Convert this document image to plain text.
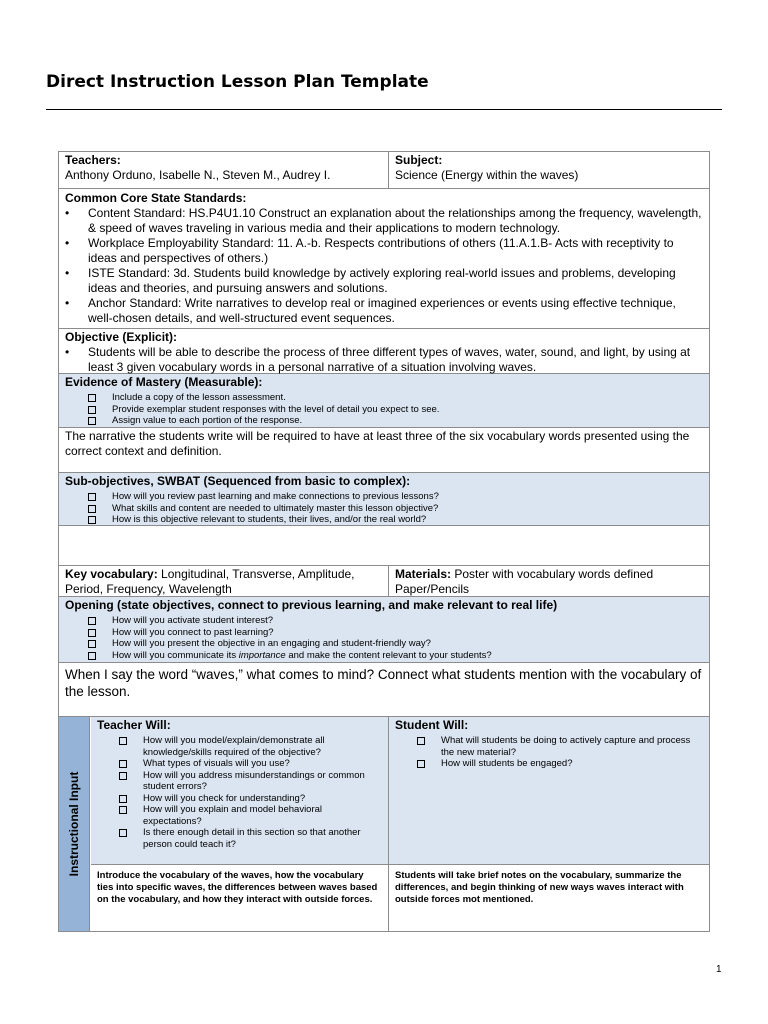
Direct Instruction Lesson Plan Template
Teachers:
Anthony Orduno, Isabelle N., Steven M., Audrey I.
Subject:
Science (Energy within the waves)
Common Core State Standards:
• Content Standard: HS.P4U1.10 Construct an explanation about the relationships among the frequency, wavelength, & speed of waves traveling in various media and their applications to modern technology.
• Workplace Employability Standard: 11. A.-b. Respects contributions of others (11.A.1.B- Acts with receptivity to ideas and perspectives of others.)
• ISTE Standard: 3d. Students build knowledge by actively exploring real-world issues and problems, developing ideas and theories, and pursuing answers and solutions.
• Anchor Standard: Write narratives to develop real or imagined experiences or events using effective technique, well-chosen details, and well-structured event sequences.
Objective (Explicit):
• Students will be able to describe the process of three different types of waves, water, sound, and light, by using at least 3 given vocabulary words in a personal narrative of a situation involving waves.
Evidence of Mastery (Measurable):
Include a copy of the lesson assessment.
Provide exemplar student responses with the level of detail you expect to see.
Assign value to each portion of the response.
The narrative the students write will be required to have at least three of the six vocabulary words presented using the correct context and definition.
Sub-objectives, SWBAT (Sequenced from basic to complex):
How will you review past learning and make connections to previous lessons?
What skills and content are needed to ultimately master this lesson objective?
How is this objective relevant to students, their lives, and/or the real world?
Key vocabulary: Longitudinal, Transverse, Amplitude, Period, Frequency, Wavelength
Materials: Poster with vocabulary words defined Paper/Pencils
Opening (state objectives, connect to previous learning, and make relevant to real life)
How will you activate student interest?
How will you connect to past learning?
How will you present the objective in an engaging and student-friendly way?
How will you communicate its importance and make the content relevant to your students?
When I say the word “waves,” what comes to mind? Connect what students mention with the vocabulary of the lesson.
Instructional Input
Teacher Will:
How will you model/explain/demonstrate all knowledge/skills required of the objective?
What types of visuals will you use?
How will you address misunderstandings or common student errors?
How will you check for understanding?
How will you explain and model behavioral expectations?
Is there enough detail in this section so that another person could teach it?
Student Will:
What will students be doing to actively capture and process the new material?
How will students be engaged?
Introduce the vocabulary of the waves, how the vocabulary ties into specific waves, the differences between waves based on the vocabulary, and how they interact with outside forces.
Students will take brief notes on the vocabulary, summarize the differences, and begin thinking of new ways waves interact with outside forces mot mentioned.
1
